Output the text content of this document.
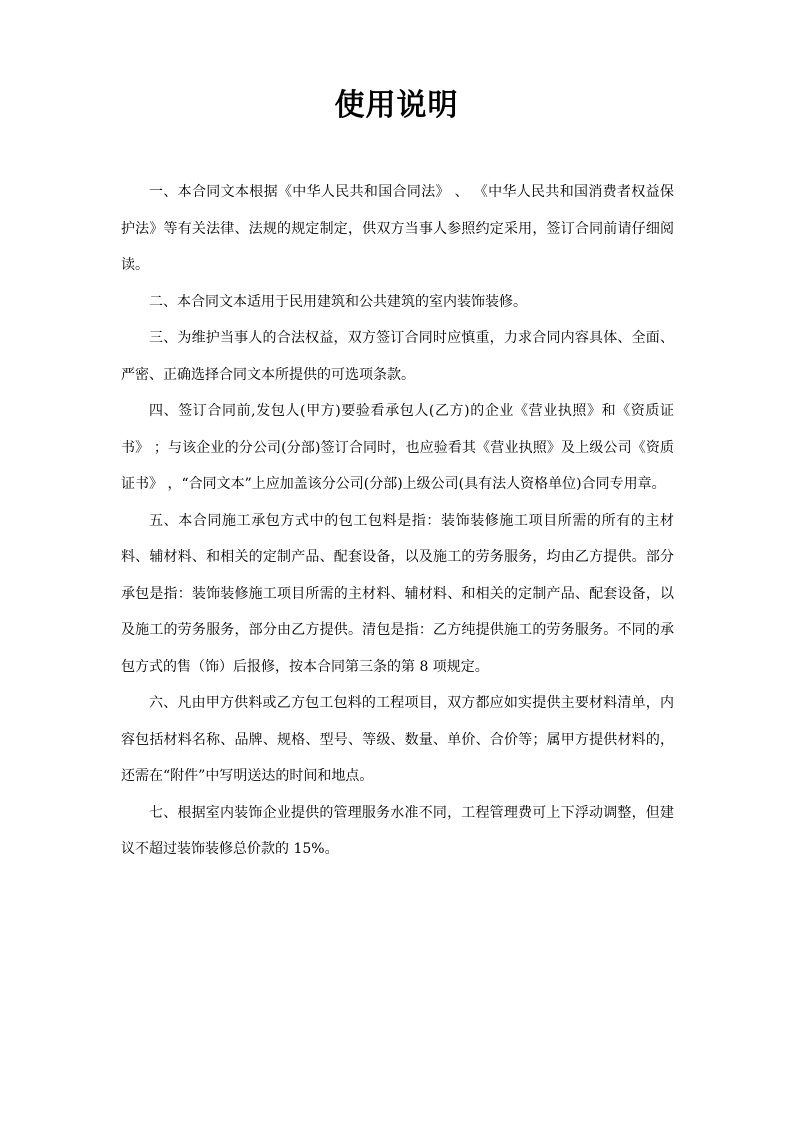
使用说明

一、本合同文本根据《中华人民共和国合同法》 、 《中华人民共和国消费者权益保护法》等有关法律、法规的规定制定，供双方当事人参照约定采用，签订合同前请仔细阅读。

二、本合同文本适用于民用建筑和公共建筑的室内装饰装修。

三、为维护当事人的合法权益，双方签订合同时应慎重，力求合同内容具体、全面、严密、正确选择合同文本所提供的可选项条款。

四、签订合同前,发包人(甲方)要验看承包人(乙方)的企业《营业执照》和《资质证书》 ；与该企业的分公司(分部)签订合同时，也应验看其《营业执照》及上级公司《资质证书》 ，“合同文本”上应加盖该分公司(分部)上级公司(具有法人资格单位)合同专用章。

五、本合同施工承包方式中的包工包料是指：装饰装修施工项目所需的所有的主材料、辅材料、和相关的定制产品、配套设备，以及施工的劳务服务，均由乙方提供。部分承包是指：装饰装修施工项目所需的主材料、辅材料、和相关的定制产品、配套设备，以及施工的劳务服务，部分由乙方提供。清包是指：乙方纯提供施工的劳务服务。不同的承包方式的售（饰）后报修，按本合同第三条的第 8 项规定。

六、凡由甲方供料或乙方包工包料的工程项目，双方都应如实提供主要材料清单，内容包括材料名称、品牌、规格、型号、等级、数量、单价、合价等；属甲方提供材料的，还需在“附件”中写明送达的时间和地点。

七、根据室内装饰企业提供的管理服务水准不同，工程管理费可上下浮动调整，但建议不超过装饰装修总价款的 15%。
